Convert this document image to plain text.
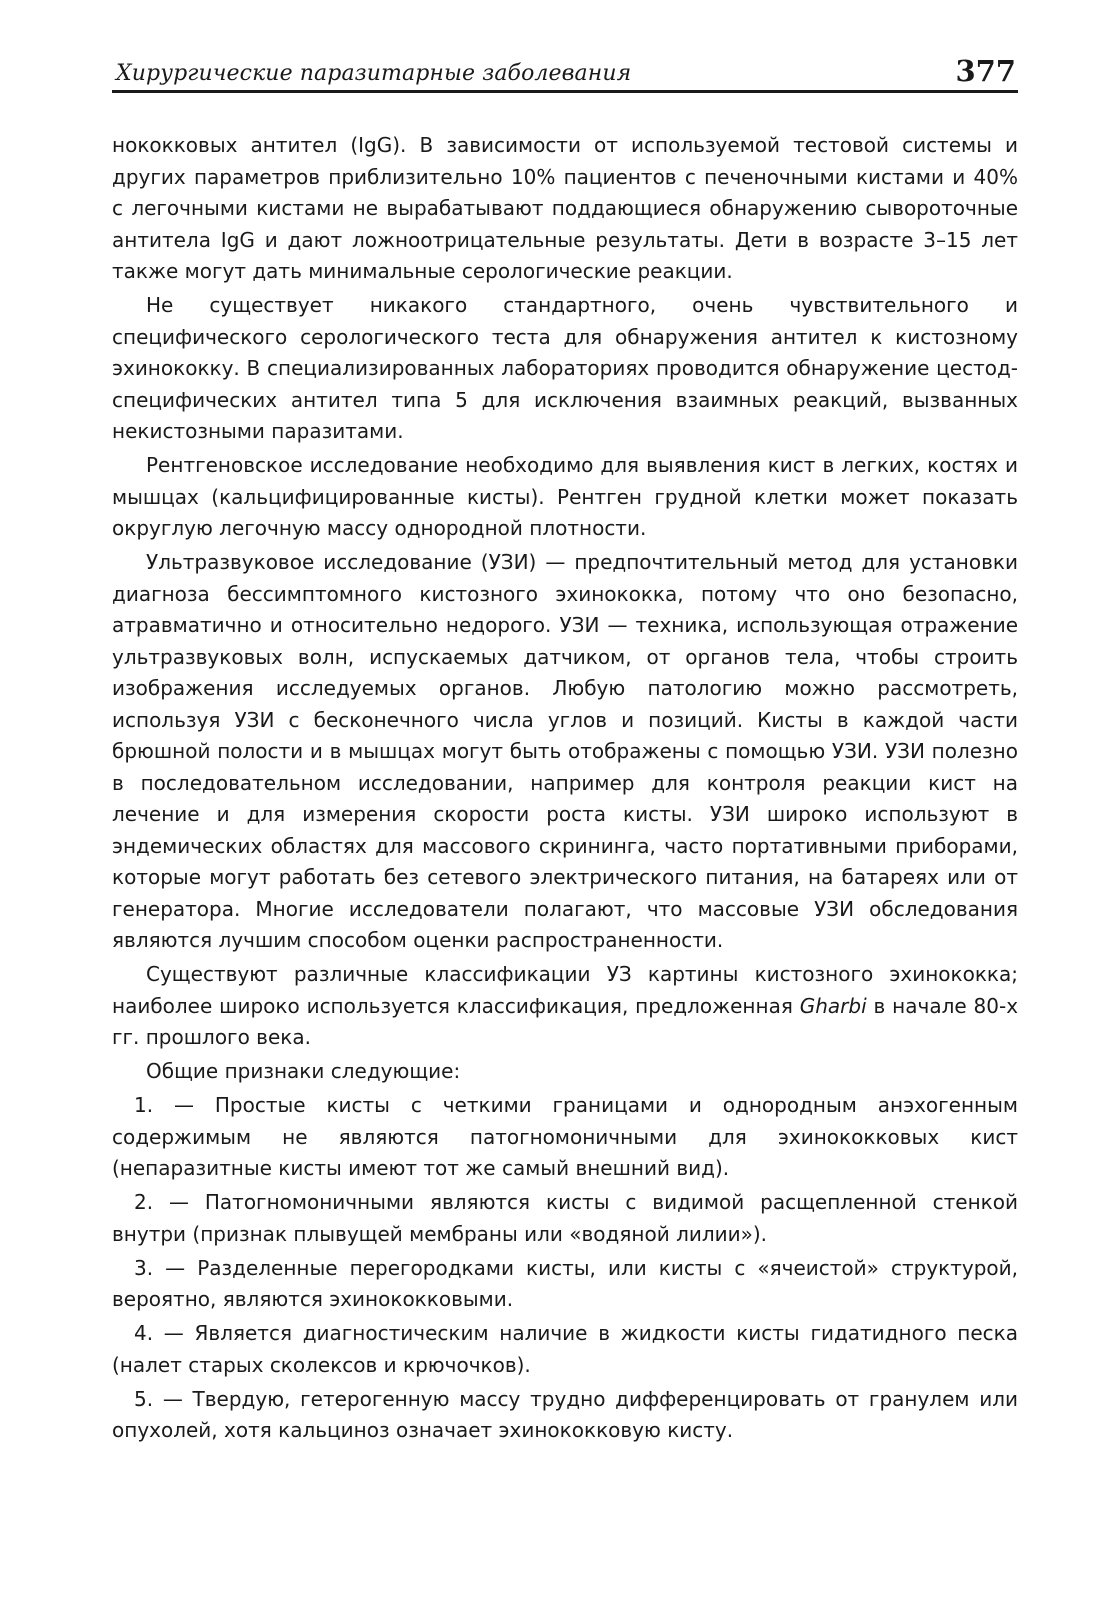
Хирургические паразитарные заболевания	377

нококковых антител (IgG). В зависимости от используемой тестовой системы и других параметров приблизительно 10% пациентов с печеночными кистами и 40% с легочными кистами не вырабатывают поддающиеся обнаружению сывороточные антитела IgG и дают ложноотрицательные результаты. Дети в возрасте 3–15 лет также могут дать минимальные серологические реакции.

Не существует никакого стандартного, очень чувствительного и специфического серологического теста для обнаружения антител к кистозному эхинококку. В специализированных лабораториях проводится обнаружение цестод-специфических антител типа 5 для исключения взаимных реакций, вызванных некистозными паразитами.

Рентгеновское исследование необходимо для выявления кист в легких, костях и мышцах (кальцифицированные кисты). Рентген грудной клетки может показать округлую легочную массу однородной плотности.

Ультразвуковое исследование (УЗИ) — предпочтительный метод для установки диагноза бессимптомного кистозного эхинококка, потому что оно безопасно, атравматично и относительно недорого. УЗИ — техника, использующая отражение ультразвуковых волн, испускаемых датчиком, от органов тела, чтобы строить изображения исследуемых органов. Любую патологию можно рассмотреть, используя УЗИ с бесконечного числа углов и позиций. Кисты в каждой части брюшной полости и в мышцах могут быть отображены с помощью УЗИ. УЗИ полезно в последовательном исследовании, например для контроля реакции кист на лечение и для измерения скорости роста кисты. УЗИ широко используют в эндемических областях для массового скрининга, часто портативными приборами, которые могут работать без сетевого электрического питания, на батареях или от генератора. Многие исследователи полагают, что массовые УЗИ обследования являются лучшим способом оценки распространенности.

Существуют различные классификации УЗ картины кистозного эхинококка; наиболее широко используется классификация, предложенная Gharbi в начале 80-х гг. прошлого века.

Общие признаки следующие:

1. — Простые кисты с четкими границами и однородным анэхогенным содержимым не являются патогномоничными для эхинококковых кист (непаразитные кисты имеют тот же самый внешний вид).

2. — Патогномоничными являются кисты с видимой расщепленной стенкой внутри (признак плывущей мембраны или «водяной лилии»).

3. — Разделенные перегородками кисты, или кисты с «ячеистой» структурой, вероятно, являются эхинококковыми.

4. — Является диагностическим наличие в жидкости кисты гидатидного песка (налет старых сколексов и крючочков).

5. — Твердую, гетерогенную массу трудно дифференцировать от гранулем или опухолей, хотя кальциноз означает эхинококковую кисту.
